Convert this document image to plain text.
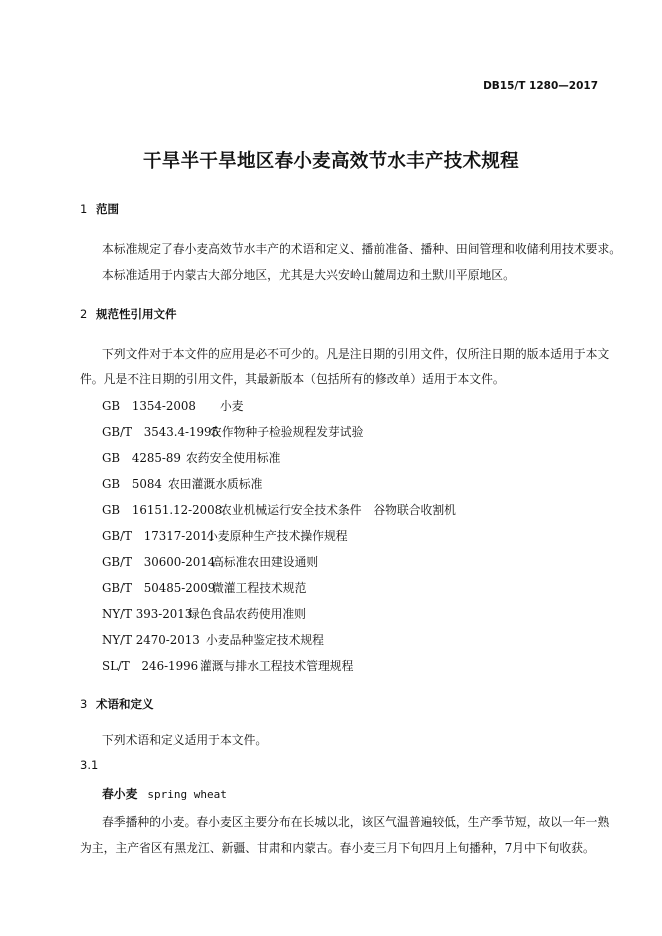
DB15/T 1280—2017
干旱半干旱地区春小麦高效节水丰产技术规程
1 范围
本标准规定了春小麦高效节水丰产的术语和定义、播前准备、播种、田间管理和收储利用技术要求。
本标准适用于内蒙古大部分地区，尤其是大兴安岭山麓周边和土默川平原地区。
2 规范性引用文件
下列文件对于本文件的应用是必不可少的。凡是注日期的引用文件，仅所注日期的版本适用于本文
件。凡是不注日期的引用文件，其最新版本（包括所有的修改单）适用于本文件。
GB　1354-2008 小麦
GB/T　3543.4-1995农作物种子检验规程发芽试验
GB　4285-89 农药安全使用标准
GB　5084 农田灌溉水质标准
GB　16151.12-2008农业机械运行安全技术条件　谷物联合收割机
GB/T　17317-2011小麦原种生产技术操作规程
GB/T　30600-2014高标准农田建设通则
GB/T　50485-2009微灌工程技术规范
NY/T 393-2013绿色食品农药使用准则
NY/T 2470-2013 小麦品种鉴定技术规程
SL/T　246-1996 灌溉与排水工程技术管理规程
3 术语和定义
下列术语和定义适用于本文件。
3.1
春小麦 spring wheat
春季播种的小麦。春小麦区主要分布在长城以北，该区气温普遍较低，生产季节短，故以一年一熟
为主，主产省区有黑龙江、新疆、甘肃和内蒙古。春小麦三月下旬四月上旬播种，7月中下旬收获。
